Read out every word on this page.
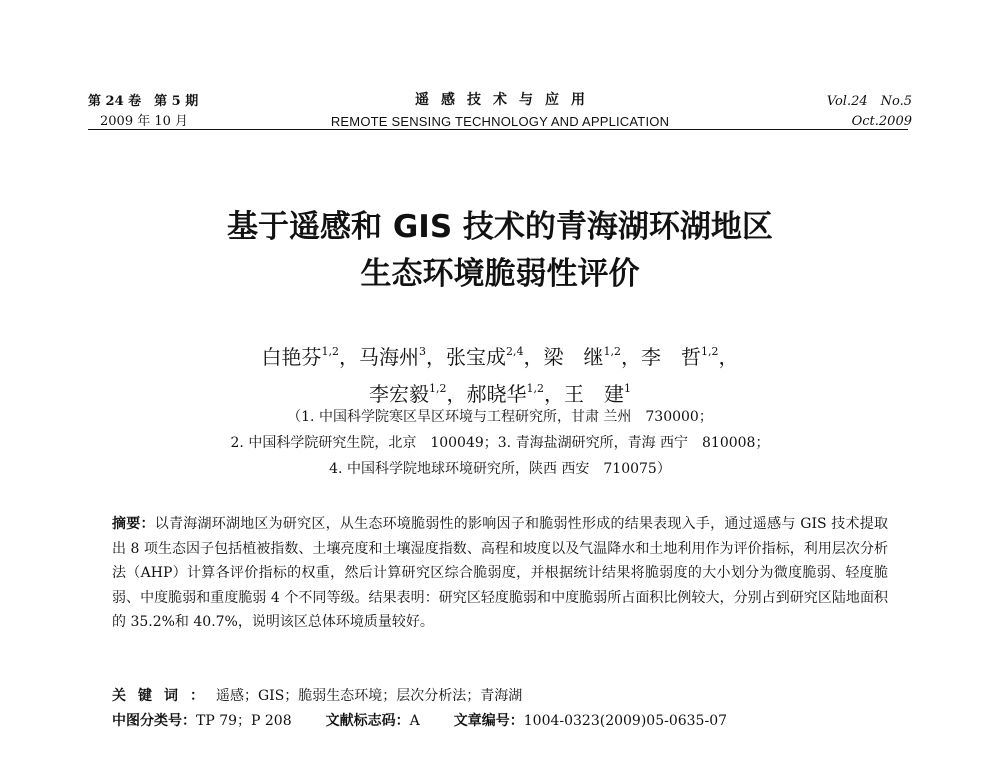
第 24 卷　第 5 期
2009 年 10 月
遥感技术与应用
REMOTE SENSING TECHNOLOGY AND APPLICATION
Vol.24　No.5
Oct.2009
基于遥感和 GIS 技术的青海湖环湖地区
生态环境脆弱性评价
白艳芬$^{1,2}$，马海州$^3$，张宝成$^{2,4}$，梁　继$^{1,2}$，李　哲$^{1,2}$，
李宏毅$^{1,2}$，郝晓华$^{1,2}$，王　建$^1$
（1. 中国科学院寒区旱区环境与工程研究所，甘肃 兰州　730000；
2. 中国科学院研究生院，北京　100049；3. 青海盐湖研究所，青海 西宁　810008；
4. 中国科学院地球环境研究所，陕西 西安　710075）
摘要：以青海湖环湖地区为研究区，从生态环境脆弱性的影响因子和脆弱性形成的结果表现入手，通过遥感与 GIS 技术提取出 8 项生态因子包括植被指数、土壤亮度和土壤湿度指数、高程和坡度以及气温降水和土地利用作为评价指标，利用层次分析法（AHP）计算各评价指标的权重，然后计算研究区综合脆弱度，并根据统计结果将脆弱度的大小划分为微度脆弱、轻度脆弱、中度脆弱和重度脆弱 4 个不同等级。结果表明：研究区轻度脆弱和中度脆弱所占面积比例较大，分别占到研究区陆地面积的 35.2%和 40.7%，说明该区总体环境质量较好。
关键词：遥感；GIS；脆弱生态环境；层次分析法；青海湖
中图分类号：TP 79；P 208 文献标志码：A 文章编号：1004-0323(2009)05-0635-07
